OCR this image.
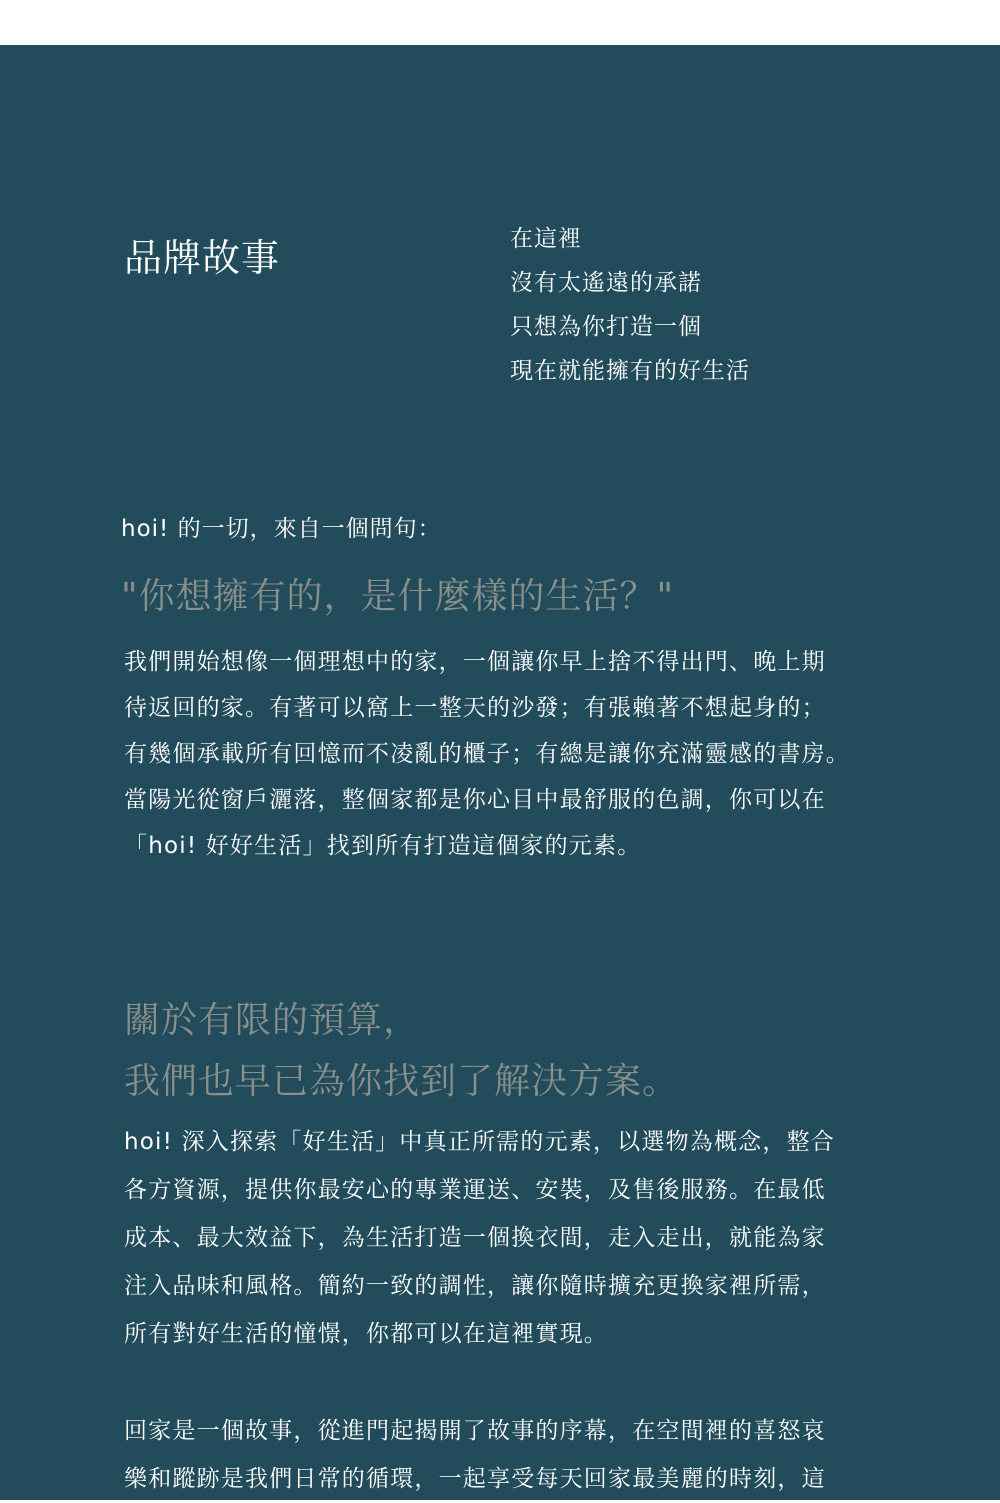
品牌故事	在這裡
沒有太遙遠的承諾
只想為你打造一個
現在就能擁有的好生活
hoi! 的一切，來自一個問句：
"你想擁有的，是什麼樣的生活？"
我們開始想像一個理想中的家，一個讓你早上捨不得出門、晚上期
待返回的家。有著可以窩上一整天的沙發；有張賴著不想起身的；
有幾個承載所有回憶而不凌亂的櫃子；有總是讓你充滿靈感的書房。
當陽光從窗戶灑落，整個家都是你心目中最舒服的色調，你可以在
「hoi! 好好生活」找到所有打造這個家的元素。
關於有限的預算，
我們也早已為你找到了解決方案。
hoi! 深入探索「好生活」中真正所需的元素，以選物為概念，整合
各方資源，提供你最安心的專業運送、安裝，及售後服務。在最低
成本、最大效益下，為生活打造一個換衣間，走入走出，就能為家
注入品味和風格。簡約一致的調性，讓你隨時擴充更換家裡所需，
所有對好生活的憧憬，你都可以在這裡實現。
回家是一個故事，從進門起揭開了故事的序幕，在空間裡的喜怒哀
樂和蹤跡是我們日常的循環，一起享受每天回家最美麗的時刻，這
